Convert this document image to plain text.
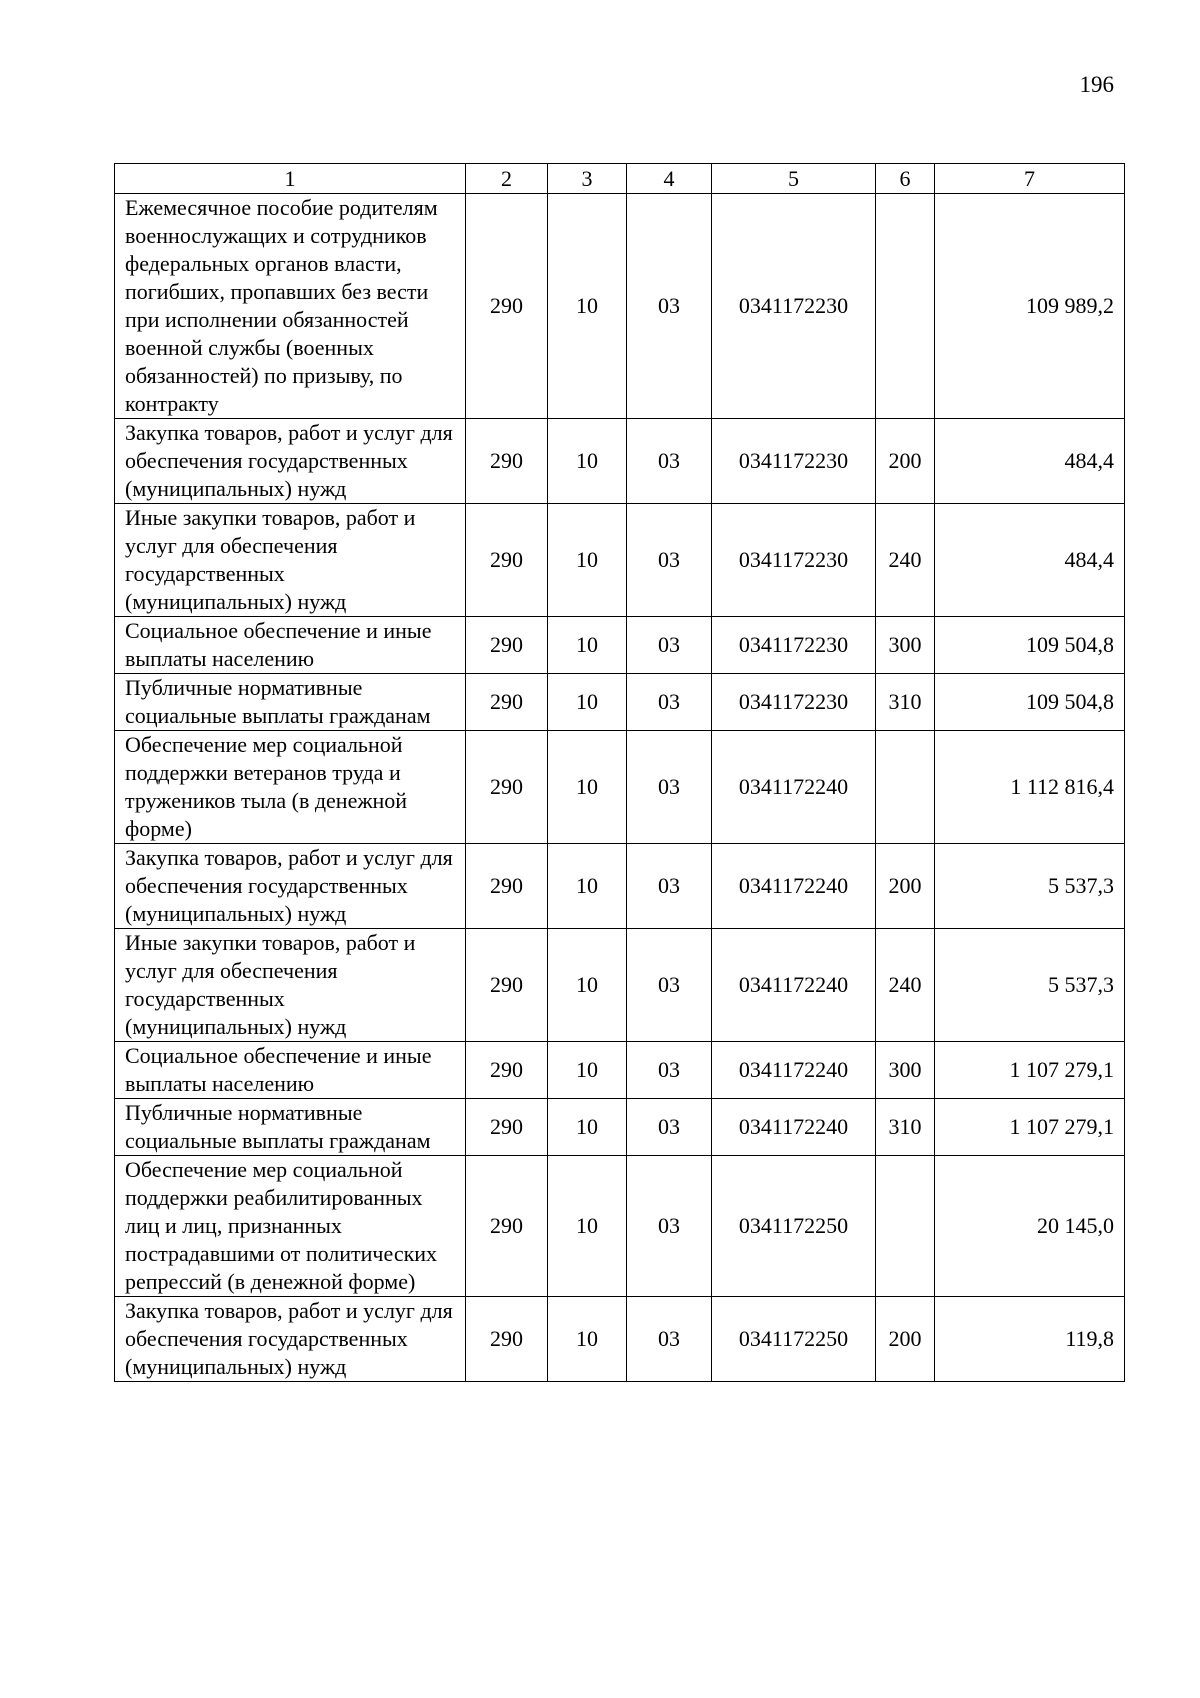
196
1	2	3	4	5	6	7
Ежемесячное пособие родителям военнослужащих и сотрудников федеральных органов власти, погибших, пропавших без вести при исполнении обязанностей военной службы (военных обязанностей) по призыву, по контракту	290	10	03	0341172230		109 989,2
Закупка товаров, работ и услуг для обеспечения государственных (муниципальных) нужд	290	10	03	0341172230	200	484,4
Иные закупки товаров, работ и услуг для обеспечения государственных (муниципальных) нужд	290	10	03	0341172230	240	484,4
Социальное обеспечение и иные выплаты населению	290	10	03	0341172230	300	109 504,8
Публичные нормативные социальные выплаты гражданам	290	10	03	0341172230	310	109 504,8
Обеспечение мер социальной поддержки ветеранов труда и тружеников тыла (в денежной форме)	290	10	03	0341172240		1 112 816,4
Закупка товаров, работ и услуг для обеспечения государственных (муниципальных) нужд	290	10	03	0341172240	200	5 537,3
Иные закупки товаров, работ и услуг для обеспечения государственных (муниципальных) нужд	290	10	03	0341172240	240	5 537,3
Социальное обеспечение и иные выплаты населению	290	10	03	0341172240	300	1 107 279,1
Публичные нормативные социальные выплаты гражданам	290	10	03	0341172240	310	1 107 279,1
Обеспечение мер социальной поддержки реабилитированных лиц и лиц, признанных пострадавшими от политических репрессий (в денежной форме)	290	10	03	0341172250		20 145,0
Закупка товаров, работ и услуг для обеспечения государственных (муниципальных) нужд	290	10	03	0341172250	200	119,8
